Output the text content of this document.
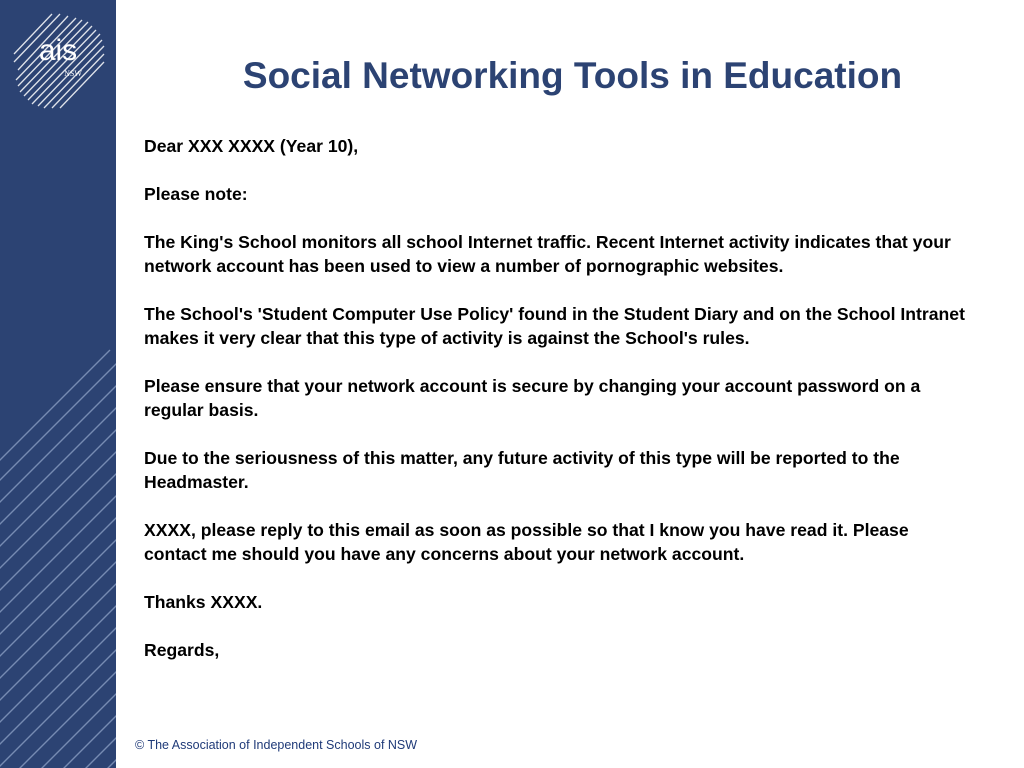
ais
NSW	Social Networking Tools in Education

Dear XXX XXXX (Year 10),

Please note:

The King's School monitors all school Internet traffic. Recent Internet activity indicates that your network account has been used to view a number of pornographic websites.

The School's 'Student Computer Use Policy' found in the Student Diary and on the School Intranet makes it very clear that this type of activity is against the School's rules.

Please ensure that your network account is secure by changing your account password on a regular basis.

Due to the seriousness of this matter, any future activity of this type will be reported to the Headmaster.

XXXX, please reply to this email as soon as possible so that I know you have read it. Please contact me should you have any concerns about your network account.

Thanks XXXX.

Regards,

© The Association of Independent Schools of NSW
